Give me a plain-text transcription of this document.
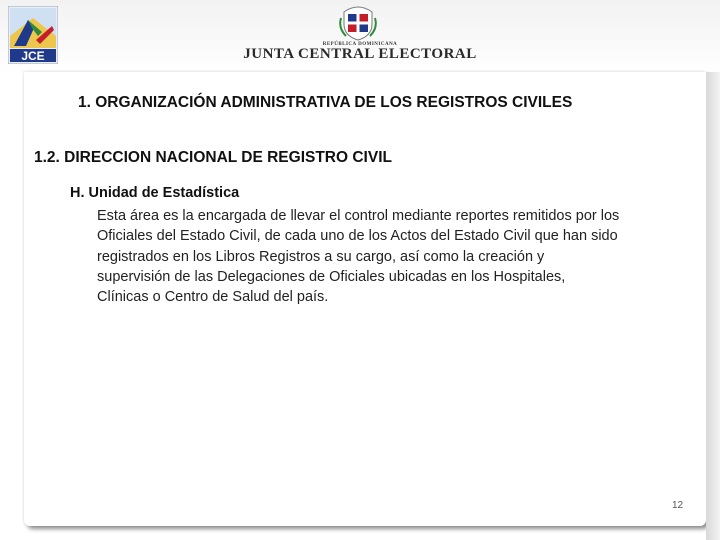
JCE
REPÚBLICA DOMINICANA
JUNTA CENTRAL ELECTORAL
1. ORGANIZACIÓN ADMINISTRATIVA DE LOS REGISTROS CIVILES
1.2. DIRECCION NACIONAL DE REGISTRO CIVIL
H. Unidad de Estadística
Esta área es la encargada de llevar el control mediante reportes remitidos por los
Oficiales del Estado Civil, de cada uno de los Actos del Estado Civil que han sido
registrados en los Libros Registros a su cargo, así como la creación y
supervisión de las Delegaciones de Oficiales ubicadas en los Hospitales,
Clínicas o Centro de Salud del país.
12
